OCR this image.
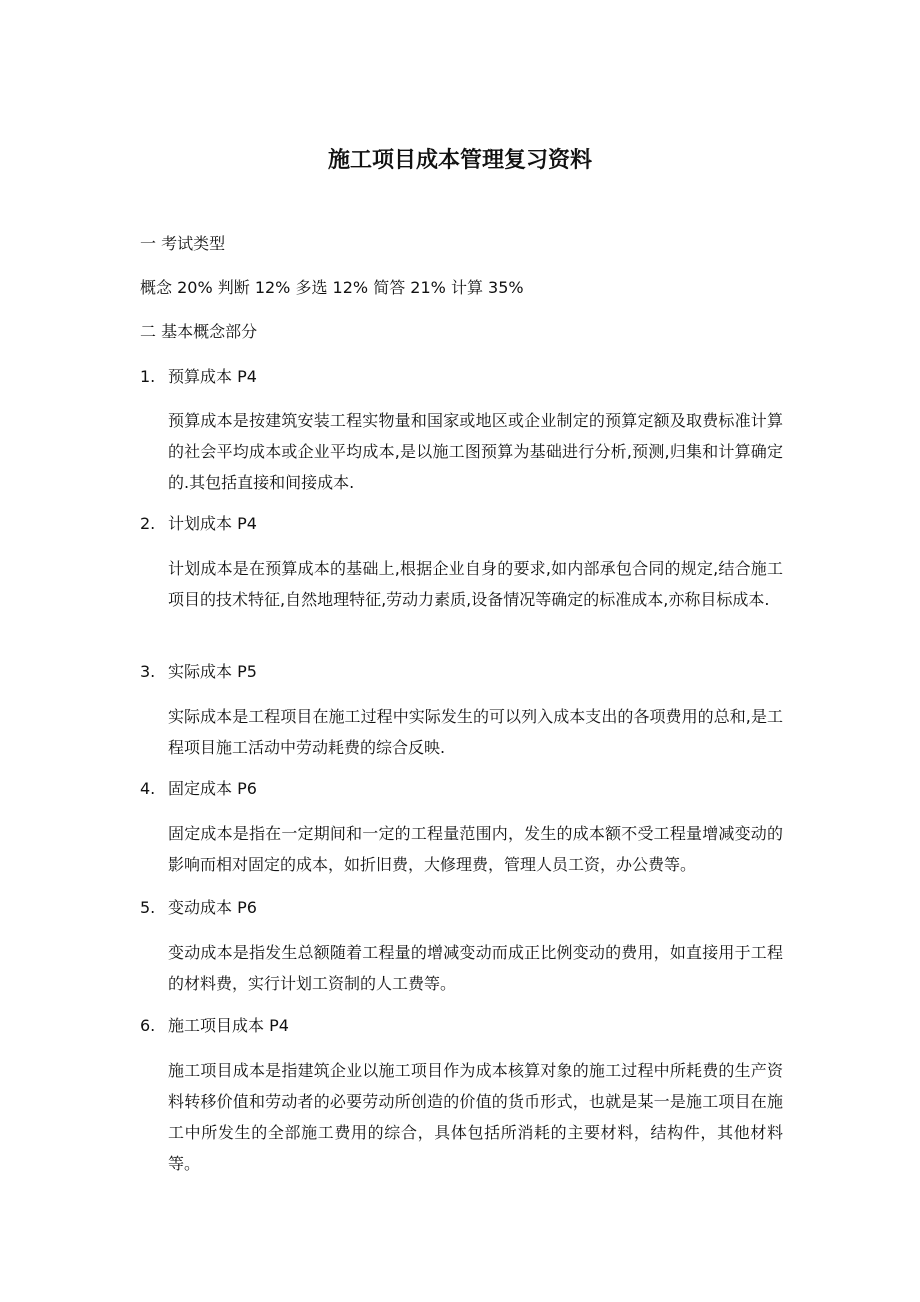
施工项目成本管理复习资料
一 考试类型
概念 20% 判断 12% 多选 12% 简答 21% 计算 35%
二 基本概念部分
1. 预算成本 P4
预算成本是按建筑安装工程实物量和国家或地区或企业制定的预算定额及取费标准计算的社会平均成本或企业平均成本,是以施工图预算为基础进行分析,预测,归集和计算确定的.其包括直接和间接成本.
2. 计划成本 P4
计划成本是在预算成本的基础上,根据企业自身的要求,如内部承包合同的规定,结合施工项目的技术特征,自然地理特征,劳动力素质,设备情况等确定的标准成本,亦称目标成本.
3. 实际成本 P5
实际成本是工程项目在施工过程中实际发生的可以列入成本支出的各项费用的总和,是工程项目施工活动中劳动耗费的综合反映.
4. 固定成本 P6
固定成本是指在一定期间和一定的工程量范围内，发生的成本额不受工程量增减变动的影响而相对固定的成本，如折旧费，大修理费，管理人员工资，办公费等。
5. 变动成本 P6
变动成本是指发生总额随着工程量的增减变动而成正比例变动的费用，如直接用于工程的材料费，实行计划工资制的人工费等。
6. 施工项目成本 P4
施工项目成本是指建筑企业以施工项目作为成本核算对象的施工过程中所耗费的生产资料转移价值和劳动者的必要劳动所创造的价值的货币形式，也就是某一是施工项目在施工中所发生的全部施工费用的综合，具体包括所消耗的主要材料，结构件，其他材料等。
